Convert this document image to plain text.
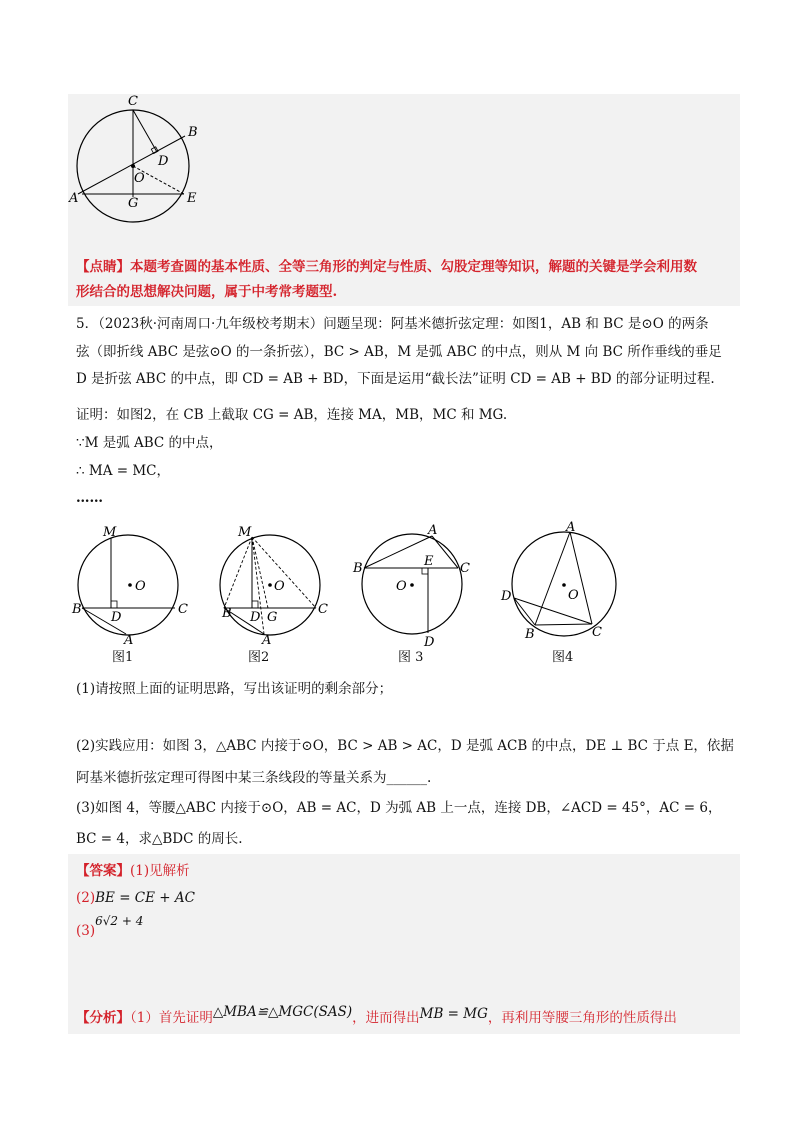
C
B
D
O
A	G	E
【点睛】本题考查圆的基本性质、全等三角形的判定与性质、勾股定理等知识，解题的关键是学会利用数
形结合的思想解决问题，属于中考常考题型.
5．（2023秋·河南周口·九年级校考期末）问题呈现：阿基米德折弦定理：如图1，AB 和 BC 是⊙O 的两条
弦（即折线 ABC 是弦⊙O 的一条折弦），BC > AB，M 是弧 ABC 的中点，则从 M 向 BC 所作垂线的垂足
D 是折弦 ABC 的中点，即 CD = AB + BD，下面是运用“截长法”证明 CD = AB + BD 的部分证明过程.
证明：如图2，在 CB 上截取 CG = AB，连接 MA，MB，MC 和 MG.
∵M 是弧 ABC 的中点，
∴ MA = MC，
……
M
O
B
D
C
A
图1
M
O
B D G
C
A
图2
A
E
B	C
O
D
图 3
A
D	O
B	C
图4
(1)请按照上面的证明思路，写出该证明的剩余部分；
(2)实践应用：如图 3，△ABC 内接于⊙O，BC > AB > AC，D 是弧 ACB 的中点，DE ⊥ BC 于点 E，依据
阿基米德折弦定理可得图中某三条线段的等量关系为______.
(3)如图 4，等腰△ABC 内接于⊙O，AB = AC，D 为弧 AB 上一点，连接 DB，∠ACD = 45°，AC = 6，
BC = 4，求△BDC 的周长.
【答案】(1)见解析
(2)BE = CE + AC
(3)6√2 + 4
【分析】（1）首先证明△MBA≌△MGC(SAS)，进而得出MB = MG，再利用等腰三角形的性质得出
